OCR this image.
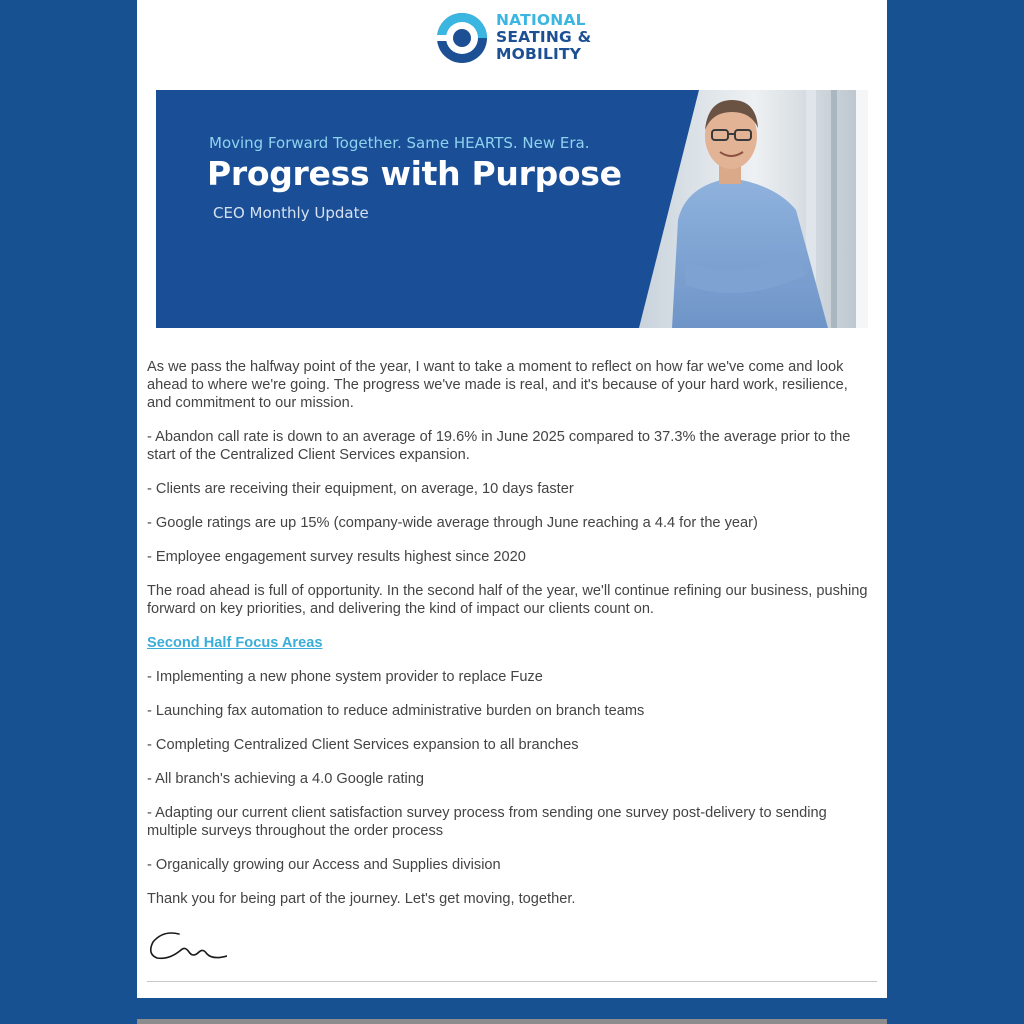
NATIONAL
SEATING &
MOBILITY
Moving Forward Together. Same HEARTS. New Era.
Progress with Purpose
CEO Monthly Update

As we pass the halfway point of the year, I want to take a moment to reflect on how far we've come and look ahead to where we're going. The progress we've made is real, and it's because of your hard work, resilience, and commitment to our mission.

- Abandon call rate is down to an average of 19.6% in June 2025 compared to 37.3% the average prior to the start of the Centralized Client Services expansion.

- Clients are receiving their equipment, on average, 10 days faster

- Google ratings are up 15% (company-wide average through June reaching a 4.4 for the year)

- Employee engagement survey results highest since 2020

The road ahead is full of opportunity. In the second half of the year, we'll continue refining our business, pushing forward on key priorities, and delivering the kind of impact our clients count on.

Second Half Focus Areas

- Implementing a new phone system provider to replace Fuze

- Launching fax automation to reduce administrative burden on branch teams

- Completing Centralized Client Services expansion to all branches

- All branch's achieving a 4.0 Google rating

- Adapting our current client satisfaction survey process from sending one survey post-delivery to sending multiple surveys throughout the order process

- Organically growing our Access and Supplies division

Thank you for being part of the journey. Let's get moving, together.
